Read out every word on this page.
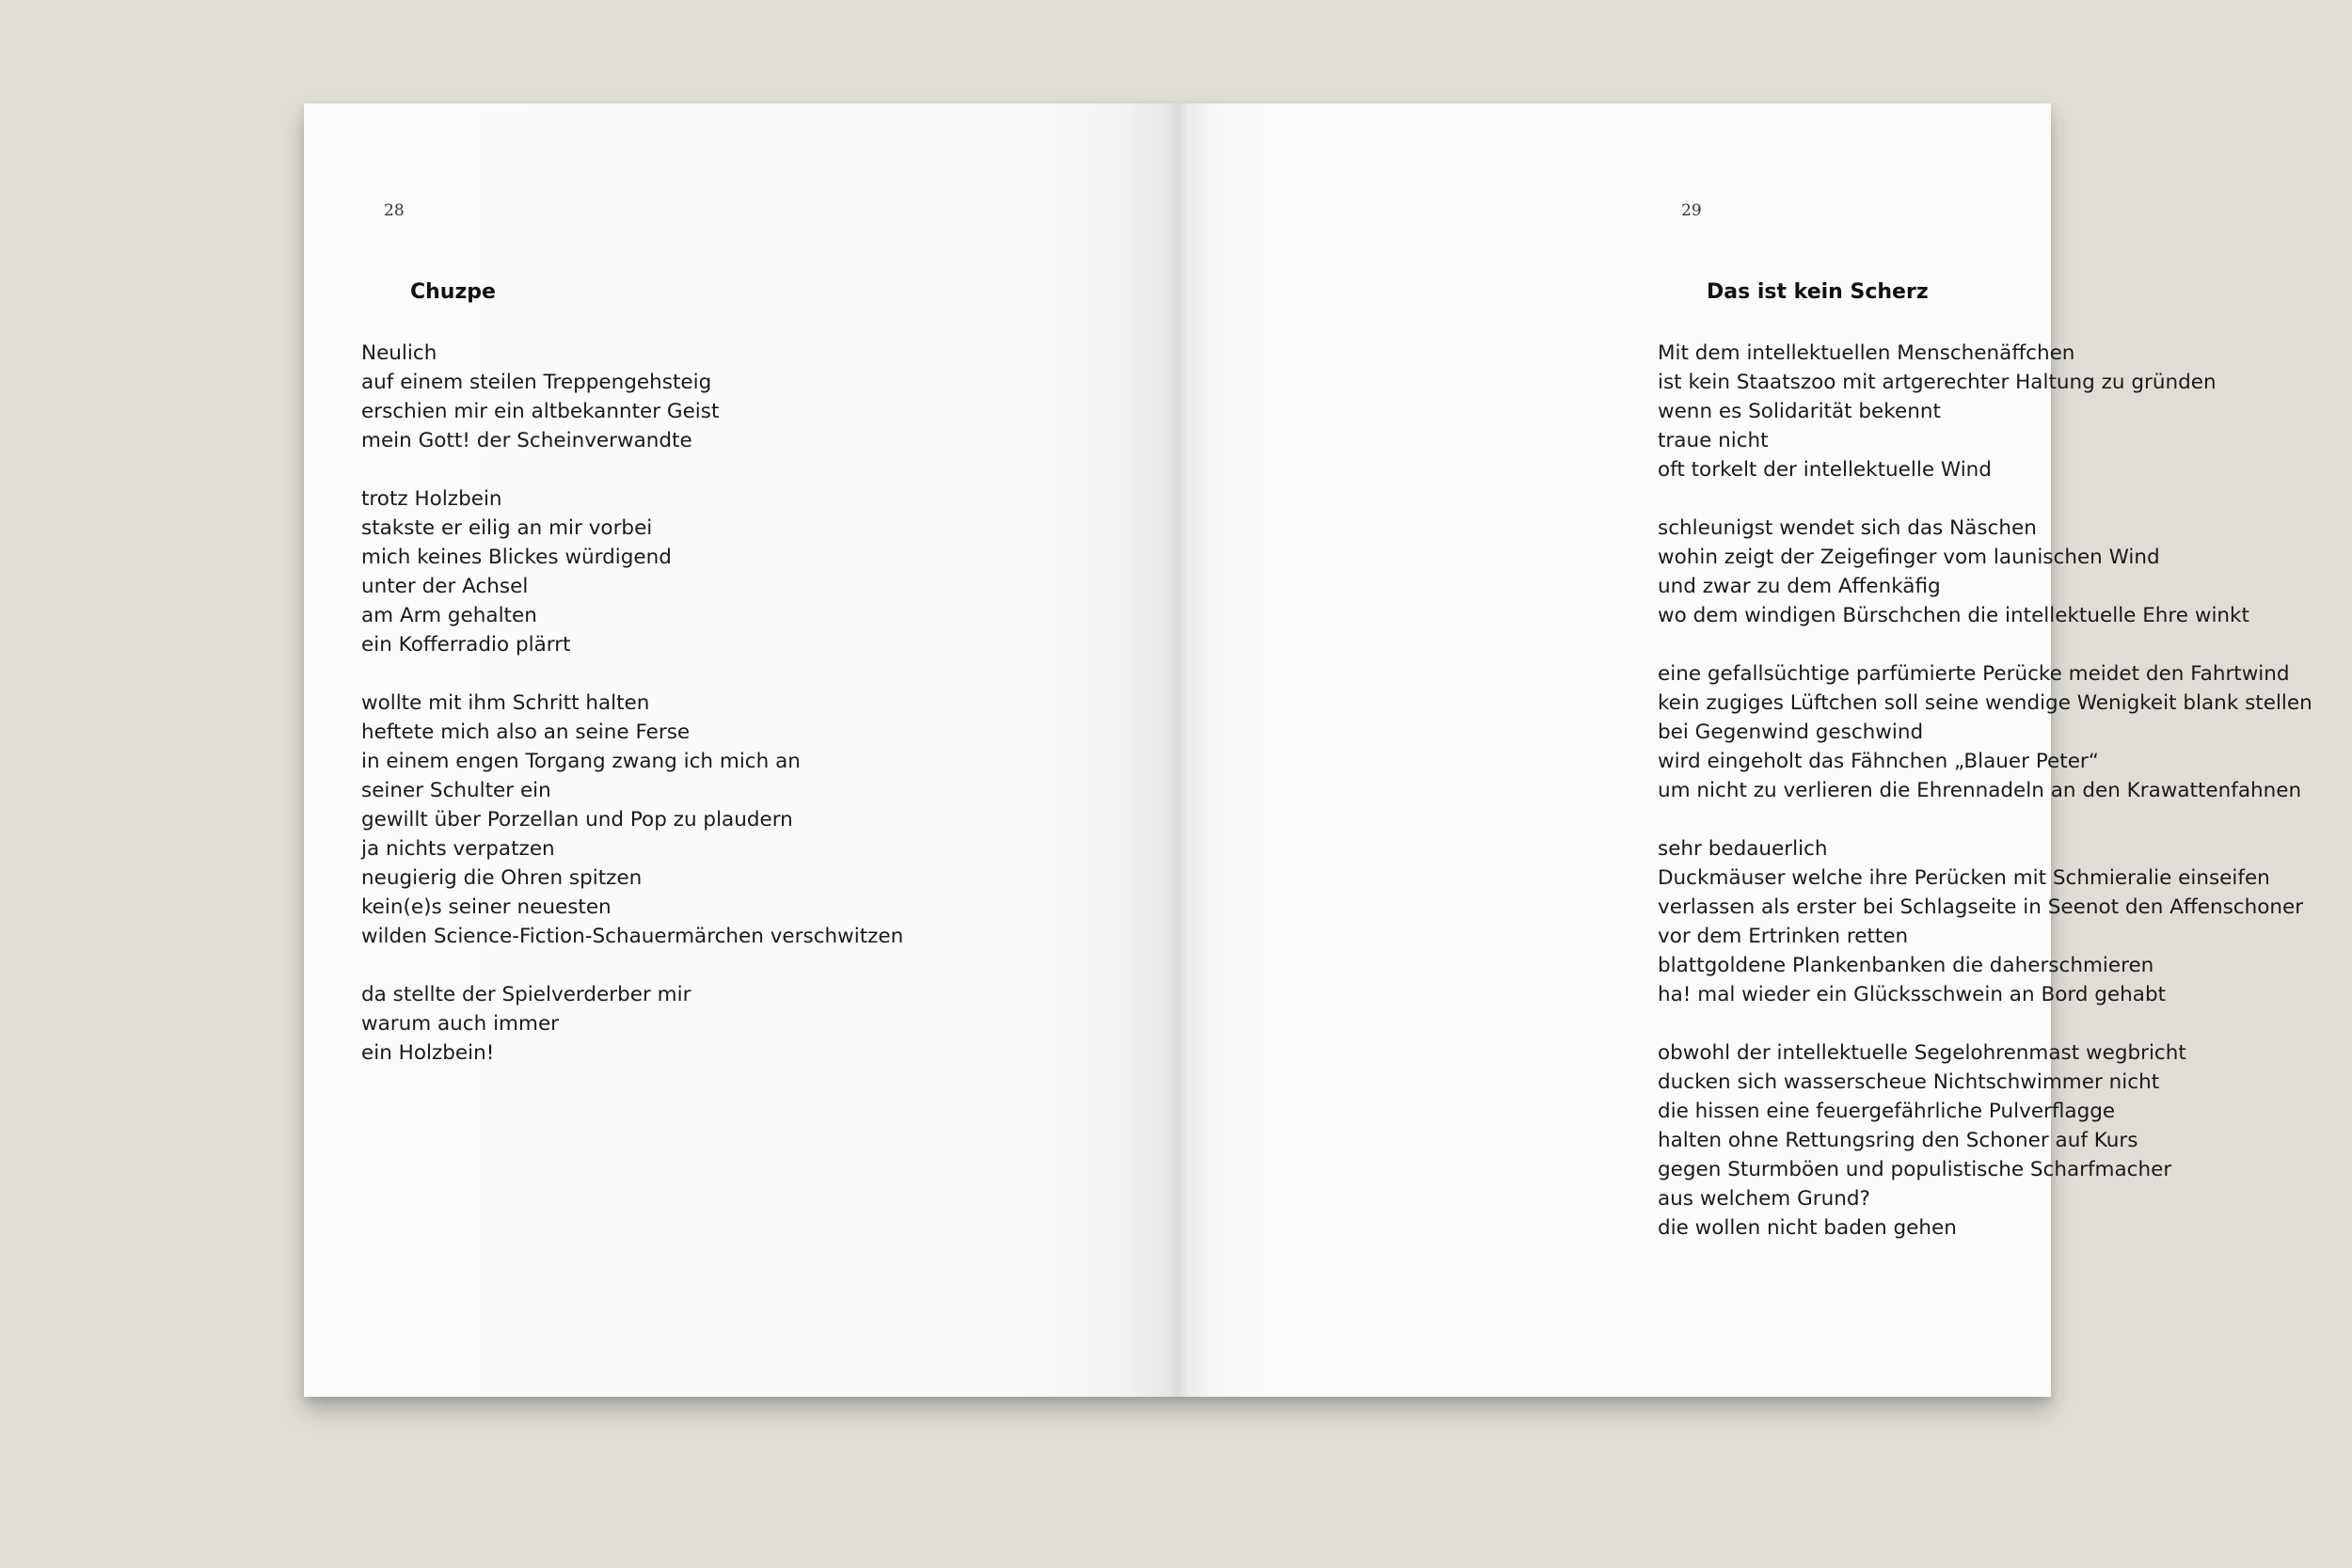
28
Chuzpe
Neulich
auf einem steilen Treppengehsteig
erschien mir ein altbekannter Geist
mein Gott! der Scheinverwandte
trotz Holzbein
stakste er eilig an mir vorbei
mich keines Blickes würdigend
unter der Achsel
am Arm gehalten
ein Kofferradio plärrt
wollte mit ihm Schritt halten
heftete mich also an seine Ferse
in einem engen Torgang zwang ich mich an
seiner Schulter ein
gewillt über Porzellan und Pop zu plaudern
ja nichts verpatzen
neugierig die Ohren spitzen
kein(e)s seiner neuesten
wilden Science-Fiction-Schauermärchen verschwitzen
da stellte der Spielverderber mir
warum auch immer
ein Holzbein!
29
Das ist kein Scherz
Mit dem intellektuellen Menschenäffchen
ist kein Staatszoo mit artgerechter Haltung zu gründen
wenn es Solidarität bekennt
traue nicht
oft torkelt der intellektuelle Wind
schleunigst wendet sich das Näschen
wohin zeigt der Zeigefinger vom launischen Wind
und zwar zu dem Affenkäfig
wo dem windigen Bürschchen die intellektuelle Ehre winkt
eine gefallsüchtige parfümierte Perücke meidet den Fahrtwind
kein zugiges Lüftchen soll seine wendige Wenigkeit blank stellen
bei Gegenwind geschwind
wird eingeholt das Fähnchen „Blauer Peter“
um nicht zu verlieren die Ehrennadeln an den Krawattenfahnen
sehr bedauerlich
Duckmäuser welche ihre Perücken mit Schmieralie einseifen
verlassen als erster bei Schlagseite in Seenot den Affenschoner
vor dem Ertrinken retten
blattgoldene Plankenbanken die daherschmieren
ha! mal wieder ein Glücksschwein an Bord gehabt
obwohl der intellektuelle Segelohrenmast wegbricht
ducken sich wasserscheue Nichtschwimmer nicht
die hissen eine feuergefährliche Pulverflagge
halten ohne Rettungsring den Schoner auf Kurs
gegen Sturmböen und populistische Scharfmacher
aus welchem Grund?
die wollen nicht baden gehen
